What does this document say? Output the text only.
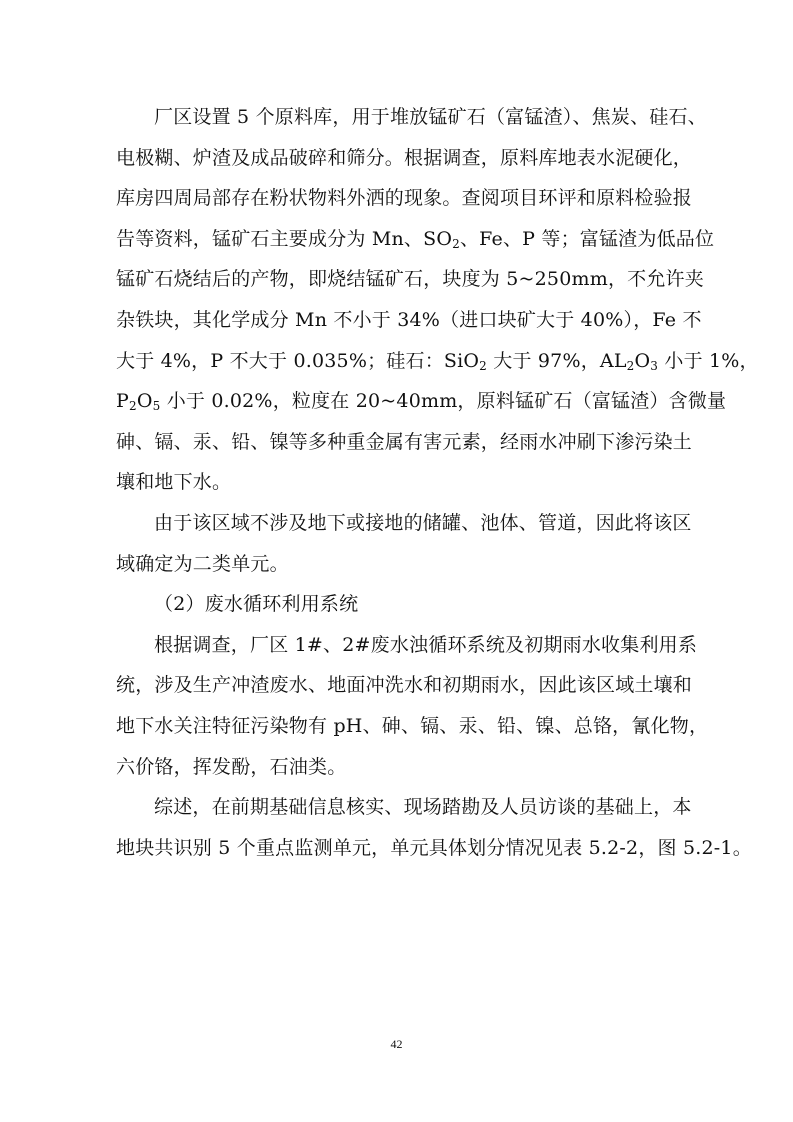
厂区设置 5 个原料库，用于堆放锰矿石（富锰渣）、焦炭、硅石、
电极糊、炉渣及成品破碎和筛分。根据调查，原料库地表水泥硬化，
库房四周局部存在粉状物料外洒的现象。查阅项目环评和原料检验报
告等资料，锰矿石主要成分为 Mn、$SO_2$、Fe、P 等；富锰渣为低品位
锰矿石烧结后的产物，即烧结锰矿石，块度为 5~250mm，不允许夹
杂铁块，其化学成分 Mn 不小于 34%（进口块矿大于 40%），Fe 不
大于 4%，P 不大于 0.035%；硅石：SiO$_2$ 大于 97%，$AL_2O_3$ 小于 1%，
$P_2O_5$ 小于 0.02%，粒度在 20~40mm，原料锰矿石（富锰渣）含微量
砷、镉、汞、铅、镍等多种重金属有害元素，经雨水冲刷下渗污染土
壤和地下水。
由于该区域不涉及地下或接地的储罐、池体、管道，因此将该区
域确定为二类单元。
（2）废水循环利用系统
根据调查，厂区 1#、2#废水浊循环系统及初期雨水收集利用系
统，涉及生产冲渣废水、地面冲洗水和初期雨水，因此该区域土壤和
地下水关注特征污染物有 pH、砷、镉、汞、铅、镍、总铬，氰化物，
六价铬，挥发酚，石油类。
综述，在前期基础信息核实、现场踏勘及人员访谈的基础上，本
地块共识别 5 个重点监测单元，单元具体划分情况见表 5.2-2，图 5.2-1。
42
